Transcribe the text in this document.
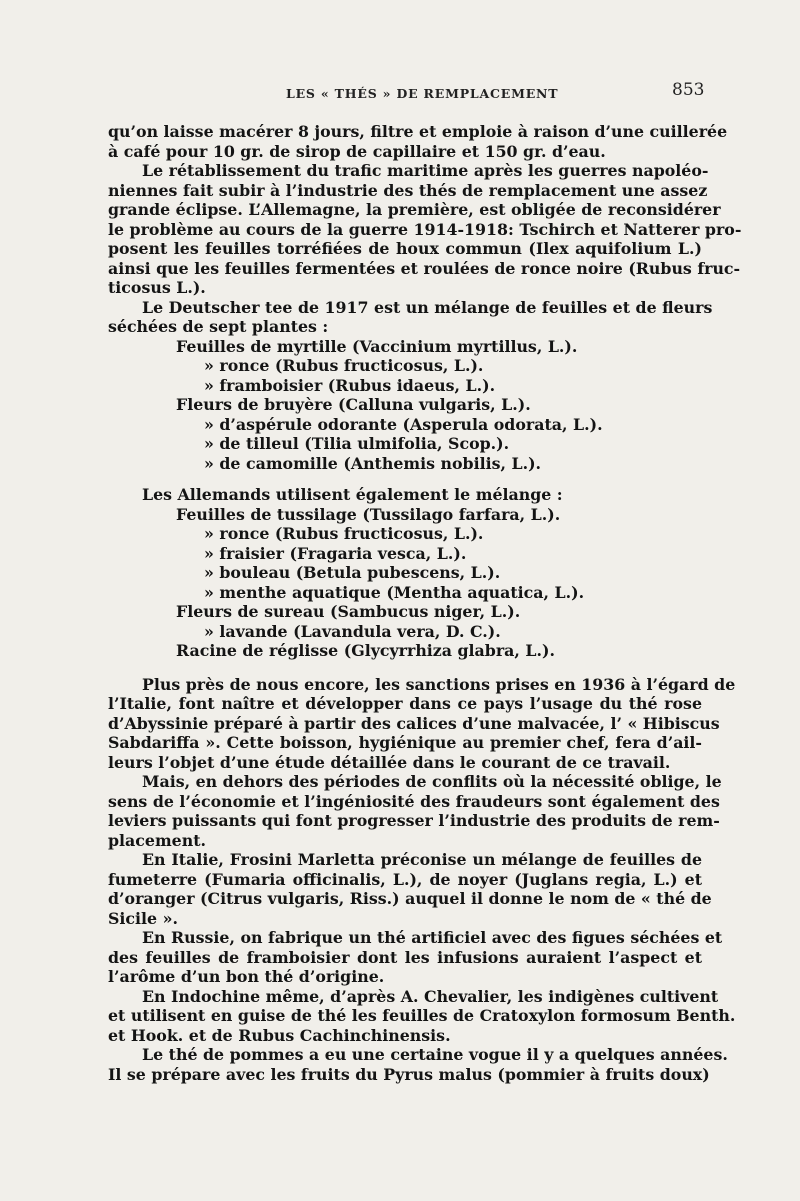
LES « THÉS » DE REMPLACEMENT	853
qu’on laisse macérer 8 jours, filtre et emploie à raison d’une cuillerée
à café pour 10 gr. de sirop de capillaire et 150 gr. d’eau.
Le rétablissement du trafic maritime après les guerres napoléo-
niennes fait subir à l’industrie des thés de remplacement une assez
grande éclipse. L’Allemagne, la première, est obligée de reconsidérer
le problème au cours de la guerre 1914-1918: Tschirch et Natterer pro-
posent les feuilles torréfiées de houx commun (Ilex aquifolium L.)
ainsi que les feuilles fermentées et roulées de ronce noire (Rubus fruc-
ticosus L.).
Le Deutscher tee de 1917 est un mélange de feuilles et de fleurs
séchées de sept plantes :
Feuilles de myrtille (Vaccinium myrtillus, L.).
» ronce (Rubus fructicosus, L.).
» framboisier (Rubus idaeus, L.).
Fleurs de bruyère (Calluna vulgaris, L.).
» d’aspérule odorante (Asperula odorata, L.).
» de tilleul (Tilia ulmifolia, Scop.).
» de camomille (Anthemis nobilis, L.).
Les Allemands utilisent également le mélange :
Feuilles de tussilage (Tussilago farfara, L.).
» ronce (Rubus fructicosus, L.).
» fraisier (Fragaria vesca, L.).
» bouleau (Betula pubescens, L.).
» menthe aquatique (Mentha aquatica, L.).
Fleurs de sureau (Sambucus niger, L.).
» lavande (Lavandula vera, D. C.).
Racine de réglisse (Glycyrrhiza glabra, L.).
Plus près de nous encore, les sanctions prises en 1936 à l’égard de
l’Italie, font naître et développer dans ce pays l’usage du thé rose
d’Abyssinie préparé à partir des calices d’une malvacée, l’ « Hibiscus
Sabdariffa ». Cette boisson, hygiénique au premier chef, fera d’ail-
leurs l’objet d’une étude détaillée dans le courant de ce travail.
Mais, en dehors des périodes de conflits où la nécessité oblige, le
sens de l’économie et l’ingéniosité des fraudeurs sont également des
leviers puissants qui font progresser l’industrie des produits de rem-
placement.
En Italie, Frosini Marletta préconise un mélange de feuilles de
fumeterre (Fumaria officinalis, L.), de noyer (Juglans regia, L.) et
d’oranger (Citrus vulgaris, Riss.) auquel il donne le nom de « thé de
Sicile ».
En Russie, on fabrique un thé artificiel avec des figues séchées et
des feuilles de framboisier dont les infusions auraient l’aspect et
l’arôme d’un bon thé d’origine.
En Indochine même, d’après A. Chevalier, les indigènes cultivent
et utilisent en guise de thé les feuilles de Cratoxylon formosum Benth.
et Hook. et de Rubus Cachinchinensis.
Le thé de pommes a eu une certaine vogue il y a quelques années.
Il se prépare avec les fruits du Pyrus malus (pommier à fruits doux)
